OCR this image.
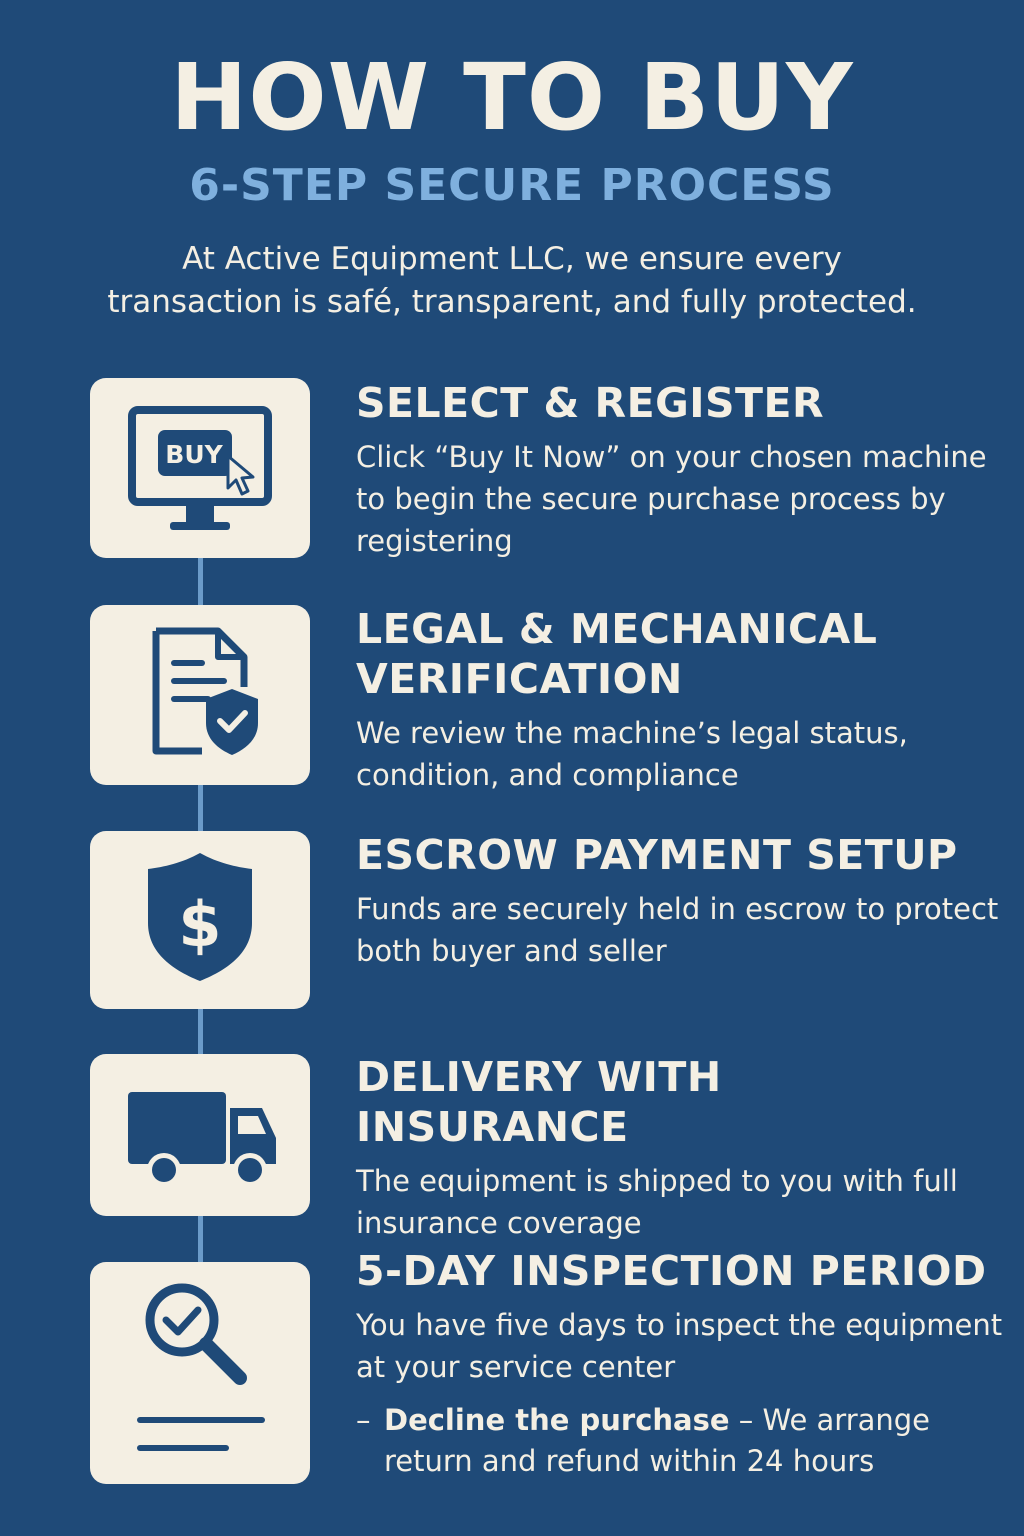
HOW TO BUY
6-STEP SECURE PROCESS
At Active Equipment LLC, we ensure every transaction is safé, transparent, and fully protected.
BUY
SELECT & REGISTER
Click “Buy It Now” on your chosen machine to begin the secure purchase process by registering
LEGAL & MECHANICAL VERIFICATION
We review the machine’s legal status, condition, and compliance
$
ESCROW PAYMENT SETUP
Funds are securely held in escrow to protect both buyer and seller
DELIVERY WITH INSURANCE
The equipment is shipped to you with full insurance coverage
5-DAY INSPECTION PERIOD
You have five days to inspect the equipment at your service center
– Decline the purchase – We arrange return and refund within 24 hours
